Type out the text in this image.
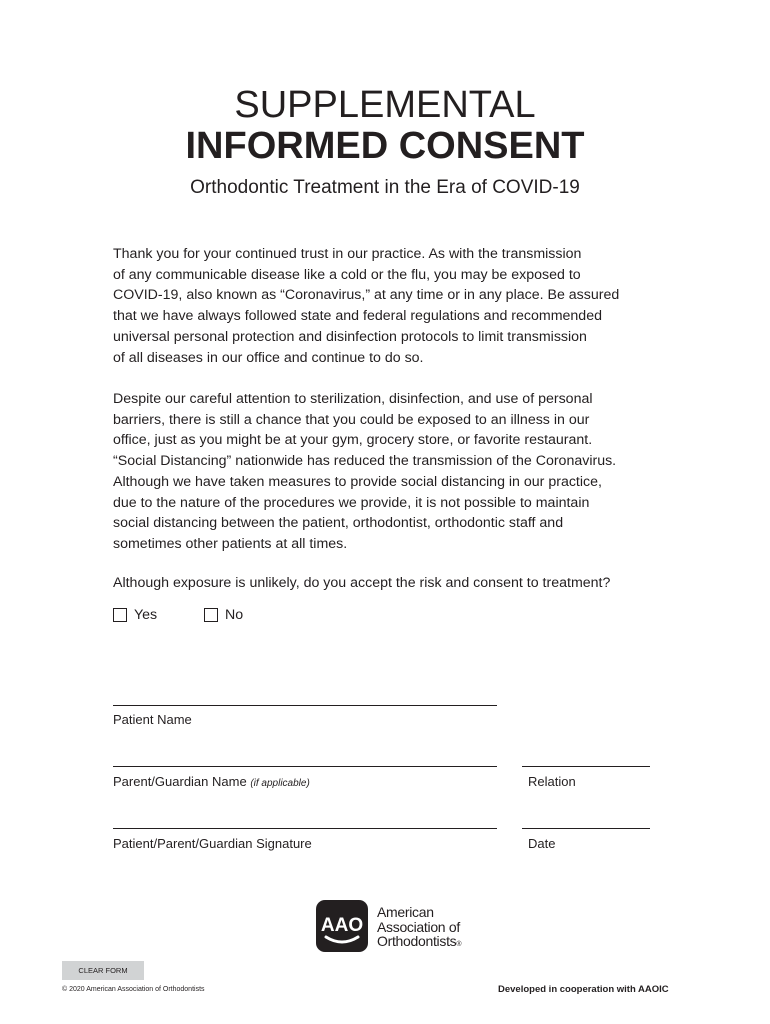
SUPPLEMENTAL
INFORMED CONSENT
Orthodontic Treatment in the Era of COVID-19
Thank you for your continued trust in our practice. As with the transmission
of any communicable disease like a cold or the flu, you may be exposed to
COVID-19, also known as “Coronavirus,” at any time or in any place. Be assured
that we have always followed state and federal regulations and recommended
universal personal protection and disinfection protocols to limit transmission
of all diseases in our office and continue to do so.
Despite our careful attention to sterilization, disinfection, and use of personal
barriers, there is still a chance that you could be exposed to an illness in our
office, just as you might be at your gym, grocery store, or favorite restaurant.
“Social Distancing” nationwide has reduced the transmission of the Coronavirus.
Although we have taken measures to provide social distancing in our practice,
due to the nature of the procedures we provide, it is not possible to maintain
social distancing between the patient, orthodontist, orthodontic staff and
sometimes other patients at all times.
Although exposure is unlikely, do you accept the risk and consent to treatment?
Yes	No
Patient Name
Parent/Guardian Name (if applicable)	Relation
Patient/Parent/Guardian Signature	Date
AAO
American
Association of
Orthodontists®
CLEAR FORM
© 2020 American Association of Orthodontists	Developed in cooperation with AAOIC
